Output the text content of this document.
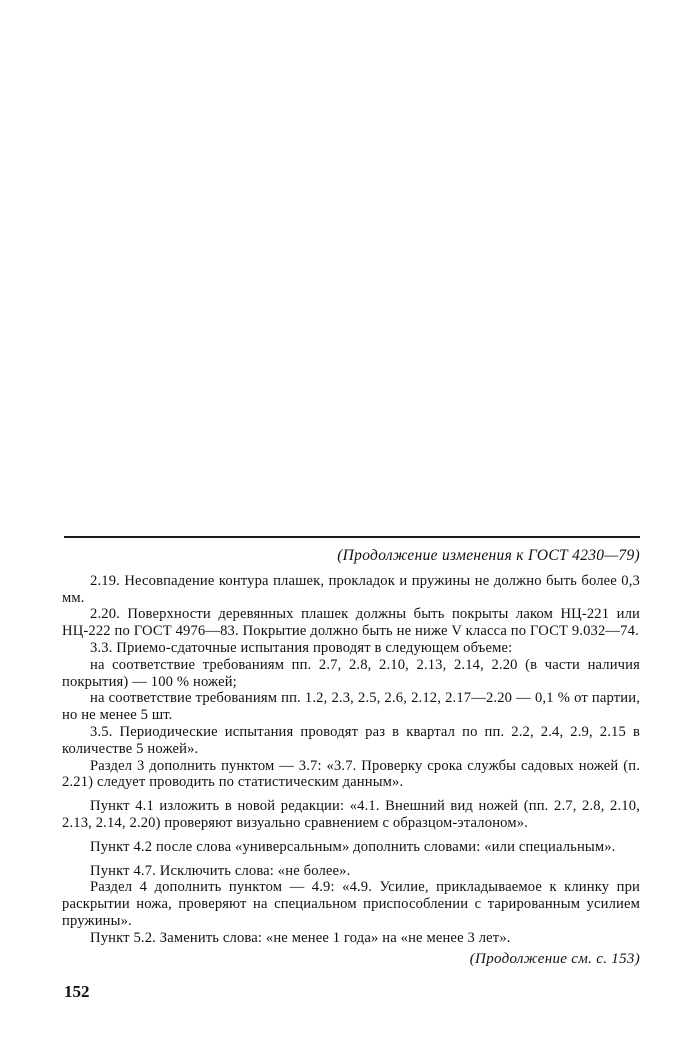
(Продолжение изменения к ГОСТ 4230—79)

2.19. Несовпадение контура плашек, прокладок и пружины не должно быть более 0,3 мм.

2.20. Поверхности деревянных плашек должны быть покрыты лаком НЦ-221 или НЦ-222 по ГОСТ 4976—83. Покрытие должно быть не ниже V класса по ГОСТ 9.032—74.

3.3. Приемо-сдаточные испытания проводят в следующем объеме:

на соответствие требованиям пп. 2.7, 2.8, 2.10, 2.13, 2.14, 2.20 (в части наличия покрытия) — 100 % ножей;

на соответствие требованиям пп. 1.2, 2.3, 2.5, 2.6, 2.12, 2.17—2.20 — 0,1 % от партии, но не менее 5 шт.

3.5. Периодические испытания проводят раз в квартал по пп. 2.2, 2.4, 2.9, 2.15 в количестве 5 ножей».

Раздел 3 дополнить пунктом — 3.7: «3.7. Проверку срока службы садовых ножей (п. 2.21) следует проводить по статистическим данным».

Пункт 4.1 изложить в новой редакции: «4.1. Внешний вид ножей (пп. 2.7, 2.8, 2.10, 2.13, 2.14, 2.20) проверяют визуально сравнением с образцом-эталоном».

Пункт 4.2 после слова «универсальным» дополнить словами: «или специальным».

Пункт 4.7. Исключить слова: «не более».

Раздел 4 дополнить пунктом — 4.9: «4.9. Усилие, прикладываемое к клинку при раскрытии ножа, проверяют на специальном приспособлении с тарированным усилием пружины».

Пункт 5.2. Заменить слова: «не менее 1 года» на «не менее 3 лет».

(Продолжение см. с. 153)
152
